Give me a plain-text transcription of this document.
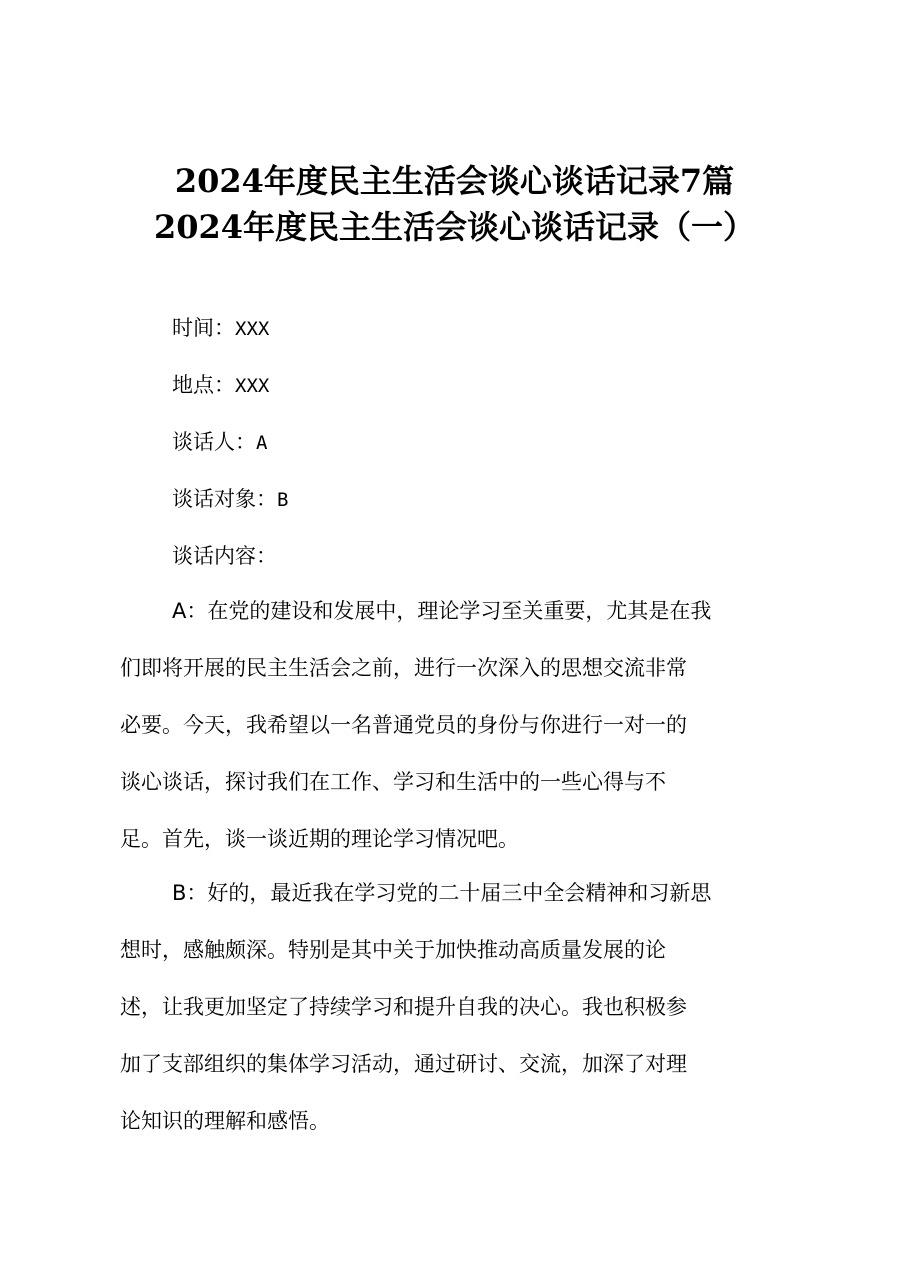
2024年度民主生活会谈心谈话记录7篇
2024年度民主生活会谈心谈话记录（一）
时间：XXX
地点：XXX
谈话人：A
谈话对象：B
谈话内容：
A：在党的建设和发展中，理论学习至关重要，尤其是在我
们即将开展的民主生活会之前，进行一次深入的思想交流非常
必要。今天，我希望以一名普通党员的身份与你进行一对一的
谈心谈话，探讨我们在工作、学习和生活中的一些心得与不
足。首先，谈一谈近期的理论学习情况吧。
B：好的，最近我在学习党的二十届三中全会精神和习新思
想时，感触颇深。特别是其中关于加快推动高质量发展的论
述，让我更加坚定了持续学习和提升自我的决心。我也积极参
加了支部组织的集体学习活动，通过研讨、交流，加深了对理
论知识的理解和感悟。
